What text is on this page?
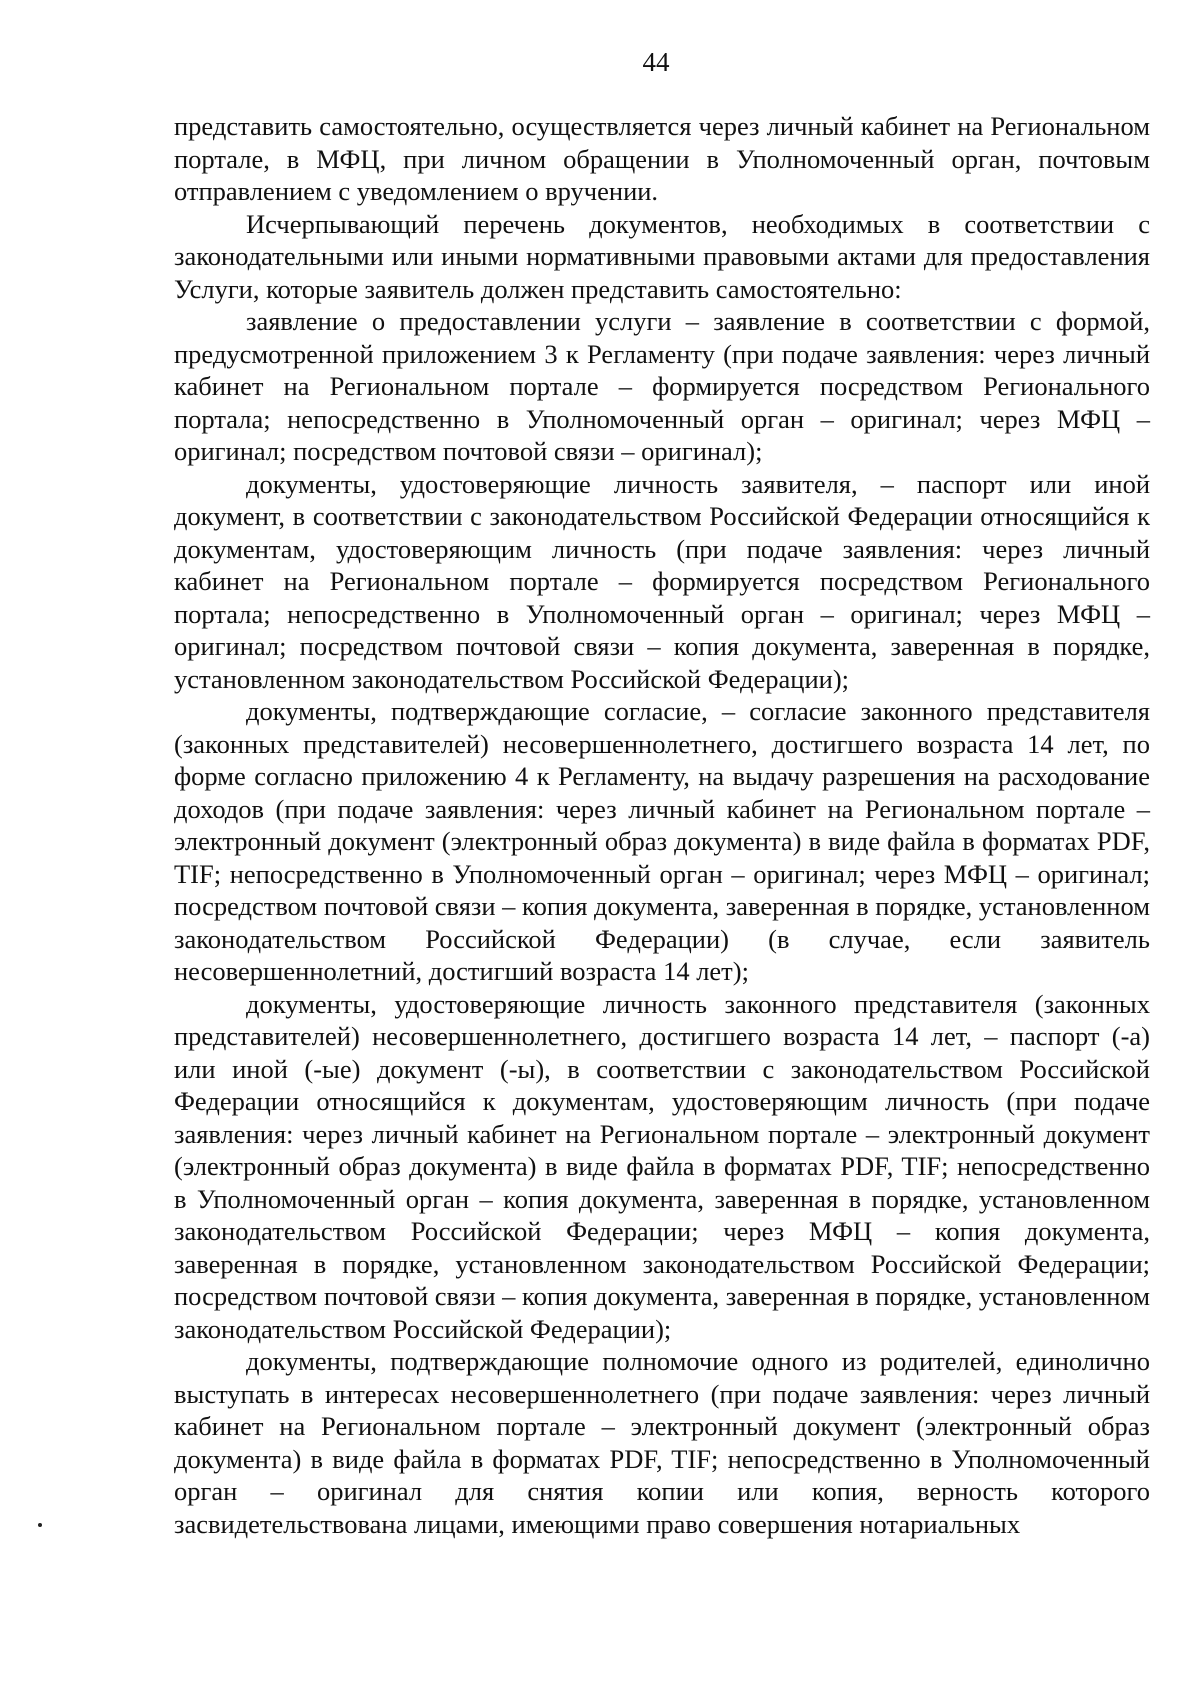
44

представить самостоятельно, осуществляется через личный кабинет на Региональном портале, в МФЦ, при личном обращении в Уполномоченный орган, почтовым отправлением с уведомлением о вручении.

Исчерпывающий перечень документов, необходимых в соответствии с законодательными или иными нормативными правовыми актами для предоставления Услуги, которые заявитель должен представить самостоятельно:

заявление о предоставлении услуги – заявление в соответствии с формой, предусмотренной приложением 3 к Регламенту (при подаче заявления: через личный кабинет на Региональном портале – формируется посредством Регионального портала; непосредственно в Уполномоченный орган – оригинал; через МФЦ – оригинал; посредством почтовой связи – оригинал);

документы, удостоверяющие личность заявителя, – паспорт или иной документ, в соответствии с законодательством Российской Федерации относящийся к документам, удостоверяющим личность (при подаче заявления: через личный кабинет на Региональном портале – формируется посредством Регионального портала; непосредственно в Уполномоченный орган – оригинал; через МФЦ – оригинал; посредством почтовой связи – копия документа, заверенная в порядке, установленном законодательством Российской Федерации);

документы, подтверждающие согласие, – согласие законного представителя (законных представителей) несовершеннолетнего, достигшего возраста 14 лет, по форме согласно приложению 4 к Регламенту, на выдачу разрешения на расходование доходов (при подаче заявления: через личный кабинет на Региональном портале – электронный документ (электронный образ документа) в виде файла в форматах PDF, TIF; непосредственно в Уполномоченный орган – оригинал; через МФЦ – оригинал; посредством почтовой связи – копия документа, заверенная в порядке, установленном законодательством Российской Федерации) (в случае, если заявитель несовершеннолетний, достигший возраста 14 лет);

документы, удостоверяющие личность законного представителя (законных представителей) несовершеннолетнего, достигшего возраста 14 лет, – паспорт (-а) или иной (-ые) документ (-ы), в соответствии с законодательством Российской Федерации относящийся к документам, удостоверяющим личность (при подаче заявления: через личный кабинет на Региональном портале – электронный документ (электронный образ документа) в виде файла в форматах PDF, TIF; непосредственно в Уполномоченный орган – копия документа, заверенная в порядке, установленном законодательством Российской Федерации; через МФЦ – копия документа, заверенная в порядке, установленном законодательством Российской Федерации; посредством почтовой связи – копия документа, заверенная в порядке, установленном законодательством Российской Федерации);

документы, подтверждающие полномочие одного из родителей, единолично выступать в интересах несовершеннолетнего (при подаче заявления: через личный кабинет на Региональном портале – электронный документ (электронный образ документа) в виде файла в форматах PDF, TIF; непосредственно в Уполномоченный орган – оригинал для снятия копии или копия, верность которого засвидетельствована лицами, имеющими право совершения нотариальных
